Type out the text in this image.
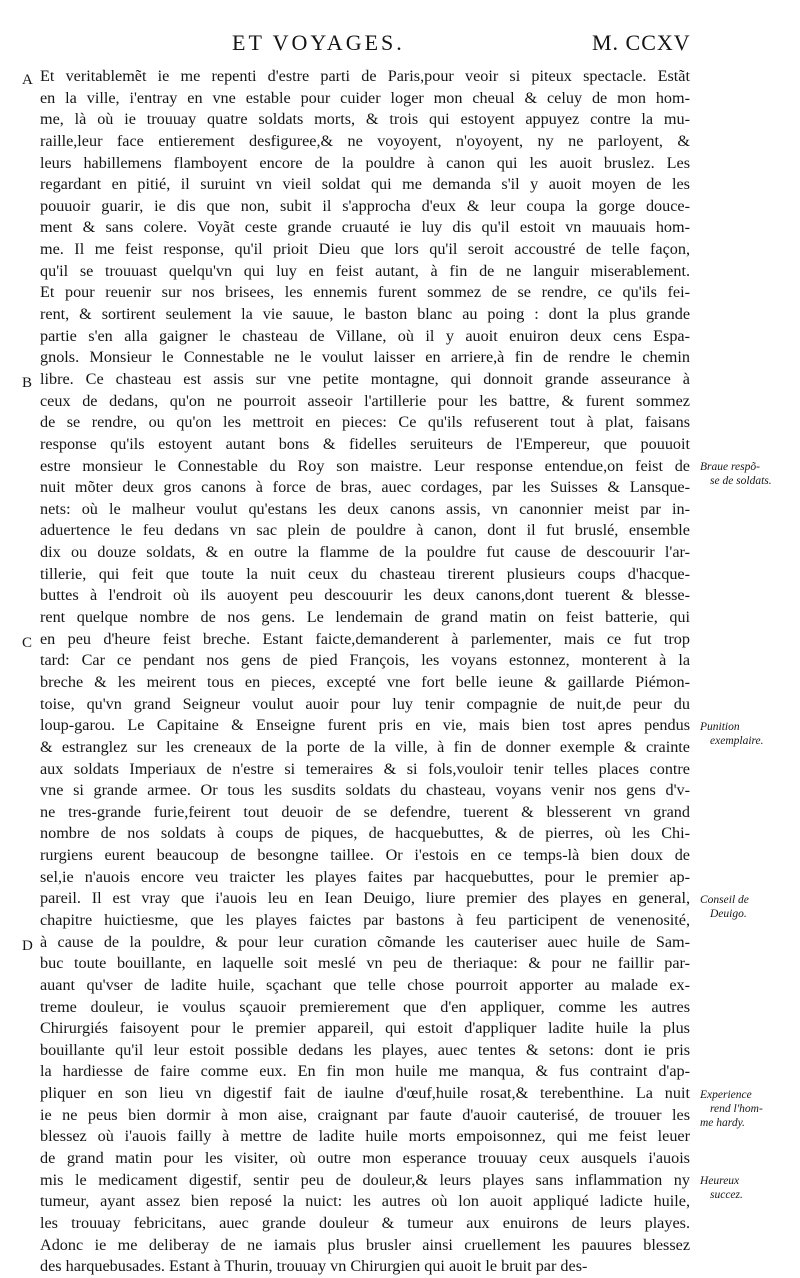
ET VOYAGES.	M. CCXV
A
B
C
D
Et veritablemẽt ie me repenti d'estre parti de Paris,pour veoir si piteux spectacle. Estãt
en la ville, i'entray en vne estable pour cuider loger mon cheual & celuy de mon hom-
me, là où ie trouuay quatre soldats morts, & trois qui estoyent appuyez contre la mu-
raille,leur face entierement desfiguree,& ne voyoyent, n'oyoyent, ny ne parloyent, &
leurs habillemens flamboyent encore de la pouldre à canon qui les auoit bruslez. Les
regardant en pitié, il suruint vn vieil soldat qui me demanda s'il y auoit moyen de les
pouuoir guarir, ie dis que non, subit il s'approcha d'eux & leur coupa la gorge douce-
ment & sans colere. Voyãt ceste grande cruauté ie luy dis qu'il estoit vn mauuais hom-
me. Il me feist response, qu'il prioit Dieu que lors qu'il seroit accoustré de telle façon,
qu'il se trouuast quelqu'vn qui luy en feist autant, à fin de ne languir miserablement.
Et pour reuenir sur nos brisees, les ennemis furent sommez de se rendre, ce qu'ils fei-
rent, & sortirent seulement la vie sauue, le baston blanc au poing : dont la plus grande
partie s'en alla gaigner le chasteau de Villane, où il y auoit enuiron deux cens Espa-
gnols. Monsieur le Connestable ne le voulut laisser en arriere,à fin de rendre le chemin
libre. Ce chasteau est assis sur vne petite montagne, qui donnoit grande asseurance à
ceux de dedans, qu'on ne pourroit asseoir l'artillerie pour les battre, & furent sommez
de se rendre, ou qu'on les mettroit en pieces: Ce qu'ils refuserent tout à plat, faisans
response qu'ils estoyent autant bons & fidelles seruiteurs de l'Empereur, que pouuoit
estre monsieur le Connestable du Roy son maistre. Leur response entendue,on feist de
nuit mõter deux gros canons à force de bras, auec cordages, par les Suisses & Lansque-
nets: où le malheur voulut qu'estans les deux canons assis, vn canonnier meist par in-
aduertence le feu dedans vn sac plein de pouldre à canon, dont il fut bruslé, ensemble
dix ou douze soldats, & en outre la flamme de la pouldre fut cause de descouurir l'ar-
tillerie, qui feit que toute la nuit ceux du chasteau tirerent plusieurs coups d'hacque-
buttes à l'endroit où ils auoyent peu descouurir les deux canons,dont tuerent & blesse-
rent quelque nombre de nos gens. Le lendemain de grand matin on feist batterie, qui
en peu d'heure feist breche. Estant faicte,demanderent à parlementer, mais ce fut trop
tard: Car ce pendant nos gens de pied François, les voyans estonnez, monterent à la
breche & les meirent tous en pieces, excepté vne fort belle ieune & gaillarde Piémon-
toise, qu'vn grand Seigneur voulut auoir pour luy tenir compagnie de nuit,de peur du
loup-garou. Le Capitaine & Enseigne furent pris en vie, mais bien tost apres pendus
& estranglez sur les creneaux de la porte de la ville, à fin de donner exemple & crainte
aux soldats Imperiaux de n'estre si temeraires & si fols,vouloir tenir telles places contre
vne si grande armee. Or tous les susdits soldats du chasteau, voyans venir nos gens d'v-
ne tres-grande furie,feirent tout deuoir de se defendre, tuerent & blesserent vn grand
nombre de nos soldats à coups de piques, de hacquebuttes, & de pierres, où les Chi-
rurgiens eurent beaucoup de besongne taillee. Or i'estois en ce temps-là bien doux de
sel,ie n'auois encore veu traicter les playes faites par hacquebuttes, pour le premier ap-
pareil. Il est vray que i'auois leu en Iean Deuigo, liure premier des playes en general,
chapitre huictiesme, que les playes faictes par bastons à feu participent de venenosité,
à cause de la pouldre, & pour leur curation cõmande les cauteriser auec huile de Sam-
buc toute bouillante, en laquelle soit meslé vn peu de theriaque: & pour ne faillir par-
auant qu'vser de ladite huile, sçachant que telle chose pourroit apporter au malade ex-
treme douleur, ie voulus sçauoir premierement que d'en appliquer, comme les autres
Chirurgiés faisoyent pour le premier appareil, qui estoit d'appliquer ladite huile la plus
bouillante qu'il leur estoit possible dedans les playes, auec tentes & setons: dont ie pris
la hardiesse de faire comme eux. En fin mon huile me manqua, & fus contraint d'ap-
pliquer en son lieu vn digestif fait de iaulne d'œuf,huile rosat,& terebenthine. La nuit
ie ne peus bien dormir à mon aise, craignant par faute d'auoir cauterisé, de trouuer les
blessez où i'auois failly à mettre de ladite huile morts empoisonnez, qui me feist leuer
de grand matin pour les visiter, où outre mon esperance trouuay ceux ausquels i'auois
mis le medicament digestif, sentir peu de douleur,& leurs playes sans inflammation ny
tumeur, ayant assez bien reposé la nuict: les autres où lon auoit appliqué ladicte huile,
les trouuay febricitans, auec grande douleur & tumeur aux enuirons de leurs playes.
Adonc ie me deliberay de ne iamais plus brusler ainsi cruellement les pauures blessez
des harquebusades. Estant à Thurin, trouuay vn Chirurgien qui auoit le bruit par des-
Braue respõ-
se de soldats.
Punition
exemplaire.
Conseil de
Deuigo.
Experience
rend l'hom-
me hardy.
Heureux
succez.
